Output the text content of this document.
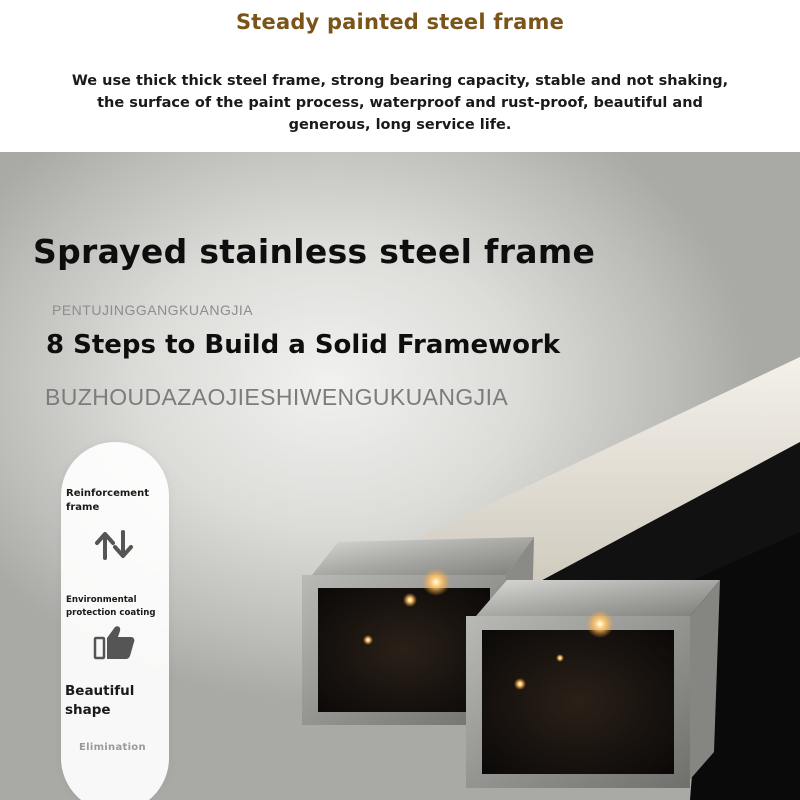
Steady painted steel frame
We use thick thick steel frame, strong bearing capacity, stable and not shaking, the surface of the paint process, waterproof and rust-proof, beautiful and generous, long service life.
Sprayed stainless steel frame
PENTUJINGGANGKUANGJIA
8 Steps to Build a Solid Framework
BUZHOUDAZAOJIESHIWENGUKUANGJIA
Reinforcement frame
Environmental protection coating
Beautiful shape
Elimination
